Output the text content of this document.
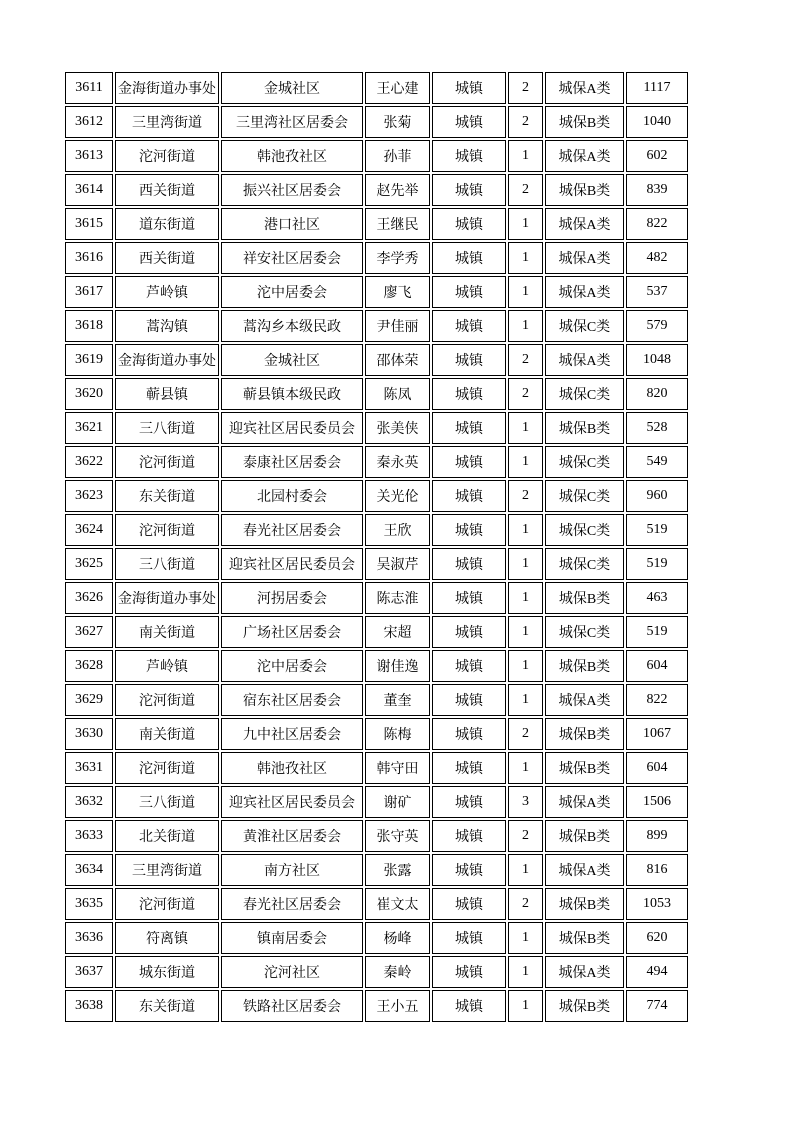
3611	金海街道办事处	金城社区	王心建	城镇	2	城保A类	1117
3612	三里湾街道	三里湾社区居委会	张菊	城镇	2	城保B类	1040
3613	沱河街道	韩池孜社区	孙菲	城镇	1	城保A类	602
3614	西关街道	振兴社区居委会	赵先举	城镇	2	城保B类	839
3615	道东街道	港口社区	王继民	城镇	1	城保A类	822
3616	西关街道	祥安社区居委会	李学秀	城镇	1	城保A类	482
3617	芦岭镇	沱中居委会	廖飞	城镇	1	城保A类	537
3618	蒿沟镇	蒿沟乡本级民政	尹佳丽	城镇	1	城保C类	579
3619	金海街道办事处	金城社区	邵体荣	城镇	2	城保A类	1048
3620	蕲县镇	蕲县镇本级民政	陈凤	城镇	2	城保C类	820
3621	三八街道	迎宾社区居民委员会	张美侠	城镇	1	城保B类	528
3622	沱河街道	泰康社区居委会	秦永英	城镇	1	城保C类	549
3623	东关街道	北园村委会	关光伦	城镇	2	城保C类	960
3624	沱河街道	春光社区居委会	王欣	城镇	1	城保C类	519
3625	三八街道	迎宾社区居民委员会	吴淑芹	城镇	1	城保C类	519
3626	金海街道办事处	河拐居委会	陈志淮	城镇	1	城保B类	463
3627	南关街道	广场社区居委会	宋超	城镇	1	城保C类	519
3628	芦岭镇	沱中居委会	谢佳逸	城镇	1	城保B类	604
3629	沱河街道	宿东社区居委会	董奎	城镇	1	城保A类	822
3630	南关街道	九中社区居委会	陈梅	城镇	2	城保B类	1067
3631	沱河街道	韩池孜社区	韩守田	城镇	1	城保B类	604
3632	三八街道	迎宾社区居民委员会	谢矿	城镇	3	城保A类	1506
3633	北关街道	黄淮社区居委会	张守英	城镇	2	城保B类	899
3634	三里湾街道	南方社区	张露	城镇	1	城保A类	816
3635	沱河街道	春光社区居委会	崔文太	城镇	2	城保B类	1053
3636	符离镇	镇南居委会	杨峰	城镇	1	城保B类	620
3637	城东街道	沱河社区	秦岭	城镇	1	城保A类	494
3638	东关街道	铁路社区居委会	王小五	城镇	1	城保B类	774
